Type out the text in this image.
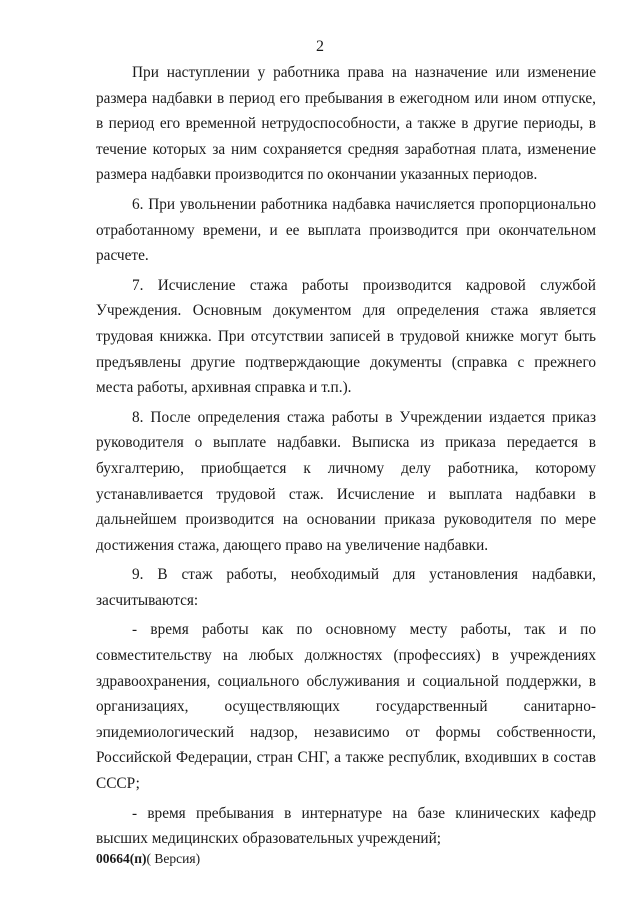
2

При наступлении у работника права на назначение или изменение размера надбавки в период его пребывания в ежегодном или ином отпуске, в период его временной нетрудоспособности, а также в другие периоды, в течение которых за ним сохраняется средняя заработная плата, изменение размера надбавки производится по окончании указанных периодов.

6. При увольнении работника надбавка начисляется пропорционально отработанному времени, и ее выплата производится при окончательном расчете.

7. Исчисление стажа работы производится кадровой службой Учреждения. Основным документом для определения стажа является трудовая книжка. При отсутствии записей в трудовой книжке могут быть предъявлены другие подтверждающие документы (справка с прежнего места работы, архивная справка и т.п.).

8. После определения стажа работы в Учреждении издается приказ руководителя о выплате надбавки. Выписка из приказа передается в бухгалтерию, приобщается к личному делу работника, которому устанавливается трудовой стаж. Исчисление и выплата надбавки в дальнейшем производится на основании приказа руководителя по мере достижения стажа, дающего право на увеличение надбавки.

9. В стаж работы, необходимый для установления надбавки, засчитываются:

- время работы как по основному месту работы, так и по совместительству на любых должностях (профессиях) в учреждениях здравоохранения, социального обслуживания и социальной поддержки, в организациях, осуществляющих государственный санитарно-эпидемиологический надзор, независимо от формы собственности, Российской Федерации, стран СНГ, а также республик, входивших в состав СССР;

- время пребывания в интернатуре на базе клинических кафедр высших медицинских образовательных учреждений;

00664(п)( Версия)
